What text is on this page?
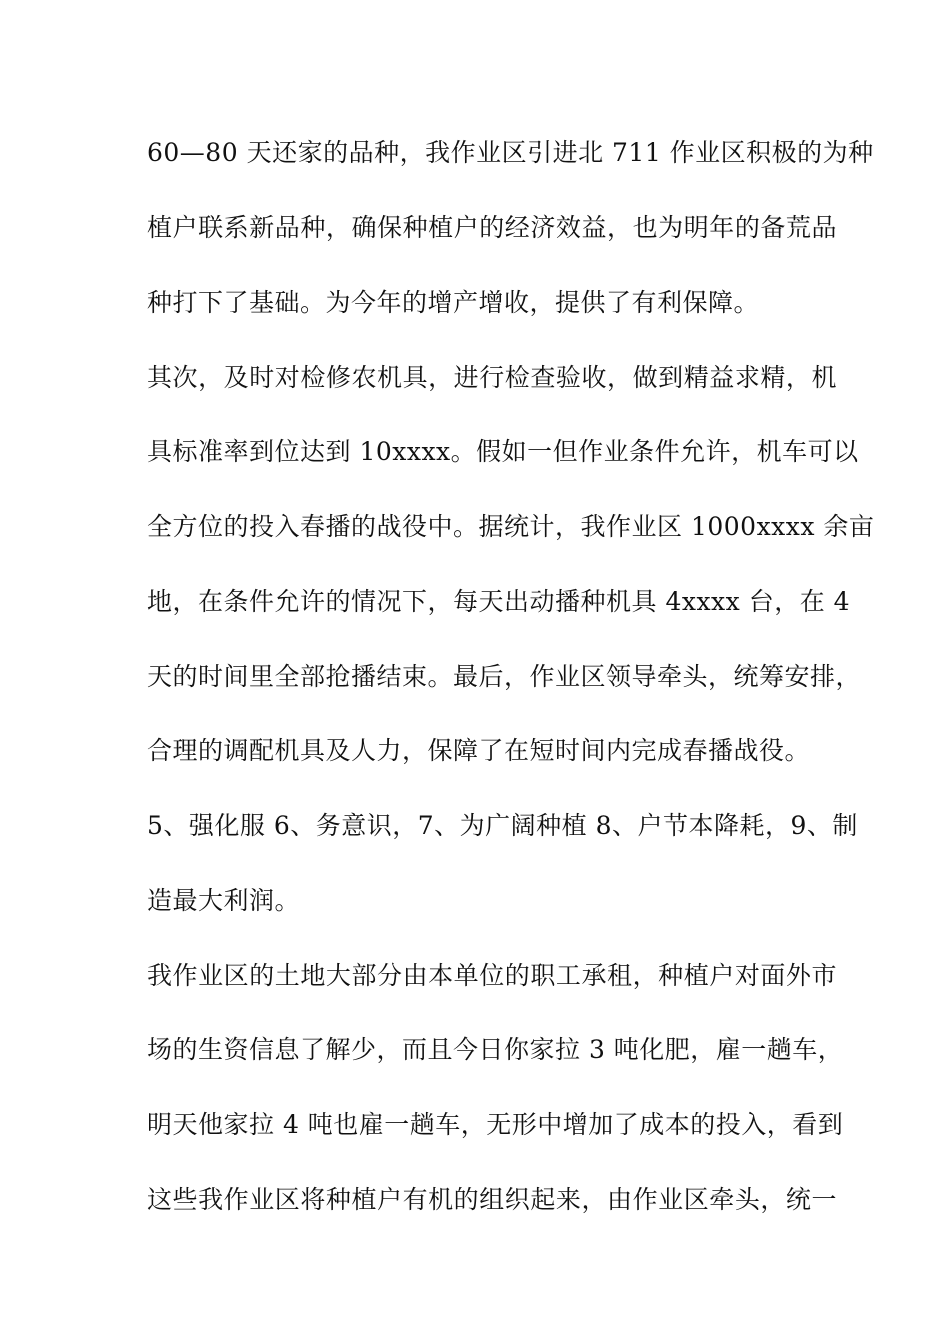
60—80 天还家的品种，我作业区引进北 711 作业区积极的为种
植户联系新品种，确保种植户的经济效益，也为明年的备荒品
种打下了基础。为今年的增产增收，提供了有利保障。
其次，及时对检修农机具，进行检查验收，做到精益求精，机
具标准率到位达到 10xxxx。假如一但作业条件允许，机车可以
全方位的投入春播的战役中。据统计，我作业区 1000xxxx 余亩
地，在条件允许的情况下，每天出动播种机具 4xxxx 台，在 4
天的时间里全部抢播结束。最后，作业区领导牵头，统筹安排，
合理的调配机具及人力，保障了在短时间内完成春播战役。
5、强化服 6、务意识，7、为广阔种植 8、户节本降耗，9、制
造最大利润。
我作业区的土地大部分由本单位的职工承租，种植户对面外市
场的生资信息了解少，而且今日你家拉 3 吨化肥，雇一趟车，
明天他家拉 4 吨也雇一趟车，无形中增加了成本的投入，看到
这些我作业区将种植户有机的组织起来，由作业区牵头，统一
